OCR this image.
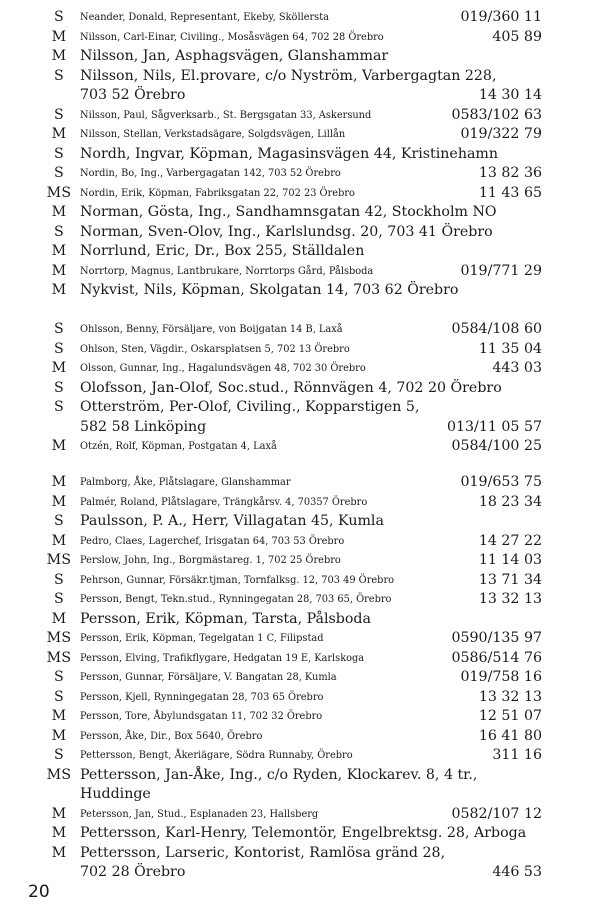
S	Neander, Donald, Representant, Ekeby, Sköllersta	019/360 11
M	Nilsson, Carl-Einar, Civiling., Mosåsvägen 64, 702 28 Örebro	405 89
M Nilsson, Jan, Asphagsvägen, Glanshammar
S	Nilsson, Nils, El.provare, c/o Nyström, Varbergagtan 228,
703 52 Örebro	14 30 14
S	Nilsson, Paul, Sågverksarb., St. Bergsgatan 33, Askersund	0583/102 63
M	Nilsson, Stellan, Verkstadsägare, Solgdsvägen, Lillån	019/322 79
S	Nordh, Ingvar, Köpman, Magasinsvägen 44, Kristinehamn
S	Nordin, Bo, Ing., Varbergagatan 142, 703 52 Örebro	13 82 36
MS Nordin, Erik, Köpman, Fabriksgatan 22, 702 23 Örebro	11 43 65
M Norman, Gösta, Ing., Sandhamnsgatan 42, Stockholm NO
S	Norman, Sven-Olov, Ing., Karlslundsg. 20, 703 41 Örebro
M Norrlund, Eric, Dr., Box 255, Ställdalen
M	Norrtorp, Magnus, Lantbrukare, Norrtorps Gård, Pålsboda	019/771 29
M Nykvist, Nils, Köpman, Skolgatan 14, 703 62 Örebro
S	Ohlsson, Benny, Försäljare, von Boijgatan 14 B, Laxå	0584/108 60
S	Ohlson, Sten, Vägdir., Oskarsplatsen 5, 702 13 Örebro	11 35 04
M	Olsson, Gunnar, Ing., Hagalundsvägen 48, 702 30 Örebro	443 03
S	Olofsson, Jan-Olof, Soc.stud., Rönnvägen 4, 702 20 Örebro
S	Otterström, Per-Olof, Civiling., Kopparstigen 5,
582 58 Linköping	013/11 05 57
M	Otzén, Rolf, Köpman, Postgatan 4, Laxå	0584/100 25
M	Palmborg, Åke, Plåtslagare, Glanshammar	019/653 75
M	Palmér, Roland, Plåtslagare, Trängkårsv. 4, 70357 Örebro	18 23 34
S	Paulsson, P. A., Herr, Villagatan 45, Kumla
M	Pedro, Claes, Lagerchef, Irisgatan 64, 703 53 Örebro	14 27 22
MS Perslow, John, Ing., Borgmästareg. 1, 702 25 Örebro	11 14 03
S	Pehrson, Gunnar, Försäkr.tjman, Tornfalksg. 12, 703 49 Örebro	13 71 34
S	Persson, Bengt, Tekn.stud., Rynningegatan 28, 703 65, Örebro	13 32 13
M Persson, Erik, Köpman, Tarsta, Pålsboda
MS Persson, Erik, Köpman, Tegelgatan 1 C, Filipstad	0590/135 97
MS Persson, Elving, Trafikflygare, Hedgatan 19 E, Karlskoga	0586/514 76
S	Persson, Gunnar, Försäljare, V. Bangatan 28, Kumla	019/758 16
S	Persson, Kjell, Rynningegatan 28, 703 65 Örebro	13 32 13
M	Persson, Tore, Åbylundsgatan 11, 702 32 Örebro	12 51 07
M	Persson, Åke, Dir., Box 5640, Örebro	16 41 80
S	Pettersson, Bengt, Åkeriägare, Södra Runnaby, Örebro	311 16
MS Pettersson, Jan-Åke, Ing., c/o Ryden, Klockarev. 8, 4 tr.,
Huddinge
M	Petersson, Jan, Stud., Esplanaden 23, Hallsberg	0582/107 12
M Pettersson, Karl-Henry, Telemontör, Engelbrektsg. 28, Arboga
M Pettersson, Larseric, Kontorist, Ramlösa gränd 28,
702 28 Örebro	446 53
20
